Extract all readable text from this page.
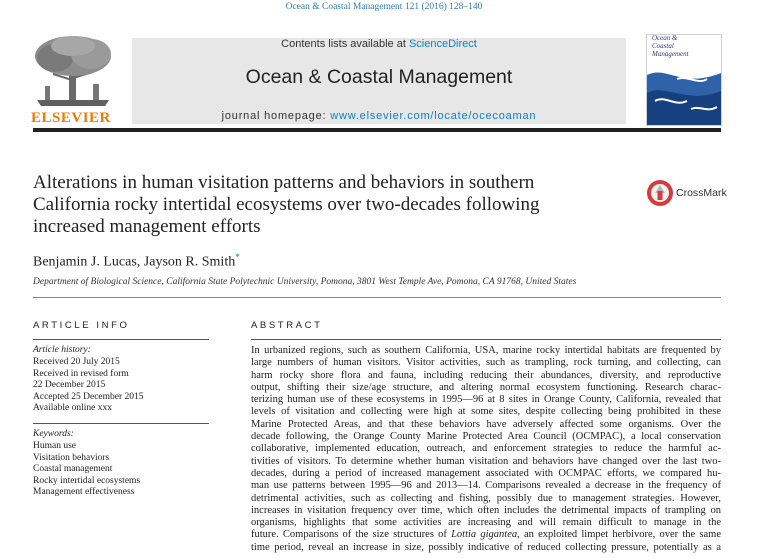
Ocean & Coastal Management 121 (2016) 128–140
ELSEVIER
Contents lists available at ScienceDirect
Ocean & Coastal Management
journal homepage: www.elsevier.com/locate/ocecoaman
Ocean &
Coastal
Management
Alterations in human visitation patterns and behaviors in southern
California rocky intertidal ecosystems over two-decades following
increased management efforts
CrossMark
Benjamin J. Lucas, Jayson R. Smith*
Department of Biological Science, California State Polytechnic University, Pomona, 3801 West Temple Ave, Pomona, CA 91768, United States
ARTICLE INFO
Article history:
Received 20 July 2015
Received in revised form
22 December 2015
Accepted 25 December 2015
Available online xxx
Keywords:
Human use
Visitation behaviors
Coastal management
Rocky intertidal ecosystems
Management effectiveness
ABSTRACT
In urbanized regions, such as southern California, USA, marine rocky intertidal habitats are frequented by
large numbers of human visitors. Visitor activities, such as trampling, rock turning, and collecting, can
harm rocky shore flora and fauna, including reducing their abundances, diversity, and reproductive
output, shifting their size/age structure, and altering normal ecosystem functioning. Research charac-
terizing human use of these ecosystems in 1995—96 at 8 sites in Orange County, California, revealed that
levels of visitation and collecting were high at some sites, despite collecting being prohibited in these
Marine Protected Areas, and that these behaviors have adversely affected some organisms. Over the
decade following, the Orange County Marine Protected Area Council (OCMPAC), a local conservation
collaborative, implemented education, outreach, and enforcement strategies to reduce the harmful ac-
tivities of visitors. To determine whether human visitation and behaviors have changed over the last two-
decades, during a period of increased management associated with OCMPAC efforts, we compared hu-
man use patterns between 1995—96 and 2013—14. Comparisons revealed a decrease in the frequency of
detrimental activities, such as collecting and fishing, possibly due to management strategies. However,
increases in visitation frequency over time, which often includes the detrimental impacts of trampling on
organisms, highlights that some activities are increasing and will remain difficult to manage in the
future. Comparisons of the size structures of Lottia gigantea, an exploited limpet herbivore, over the same
time period, reveal an increase in size, possibly indicative of reduced collecting pressure, potentially as a
